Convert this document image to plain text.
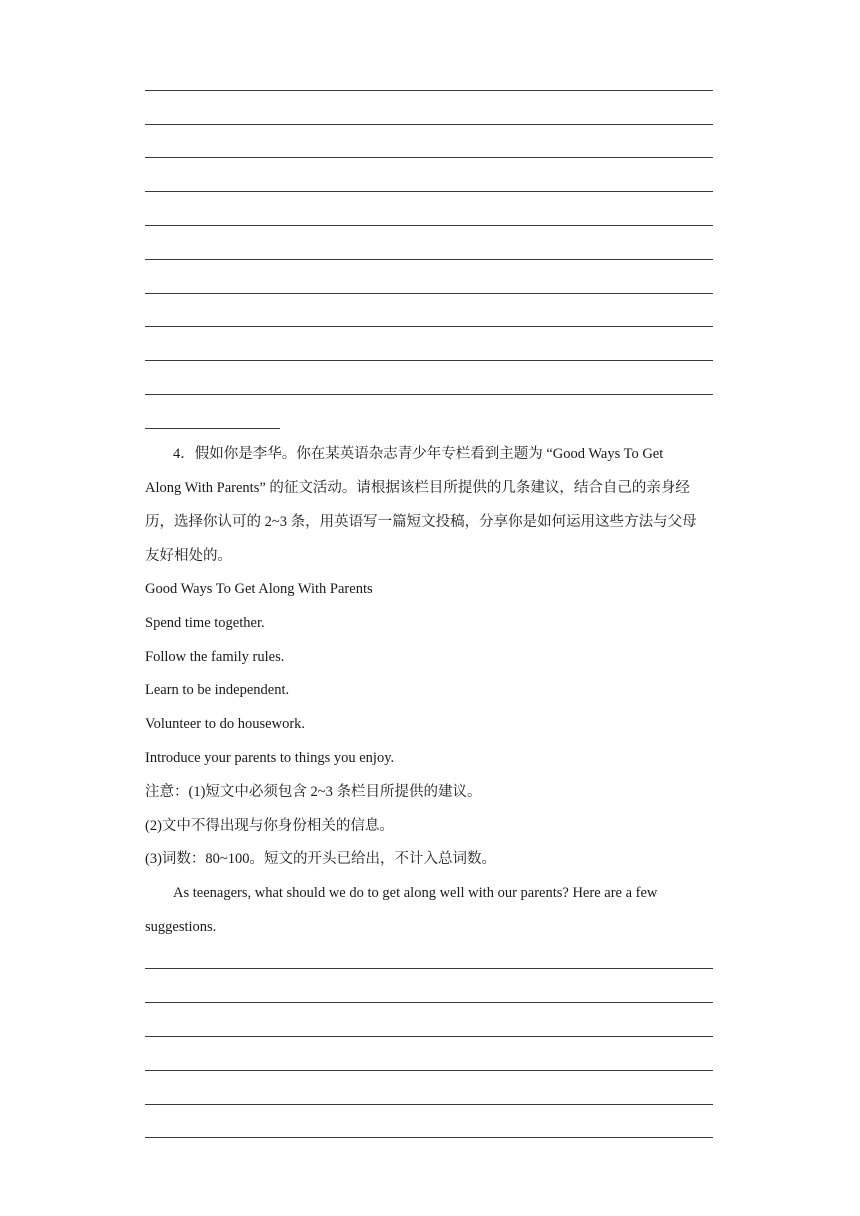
4．假如你是李华。你在某英语杂志青少年专栏看到主题为 “Good Ways To Get
Along With Parents” 的征文活动。请根据该栏目所提供的几条建议，结合自己的亲身经
历，选择你认可的 2~3 条，用英语写一篇短文投稿，分享你是如何运用这些方法与父母
友好相处的。
Good Ways To Get Along With Parents
Spend time together.
Follow the family rules.
Learn to be independent.
Volunteer to do housework.
Introduce your parents to things you enjoy.
注意：(1)短文中必须包含 2~3 条栏目所提供的建议。
(2)文中不得出现与你身份相关的信息。
(3)词数：80~100。短文的开头已给出，不计入总词数。
As teenagers, what should we do to get along well with our parents? Here are a few
suggestions.
